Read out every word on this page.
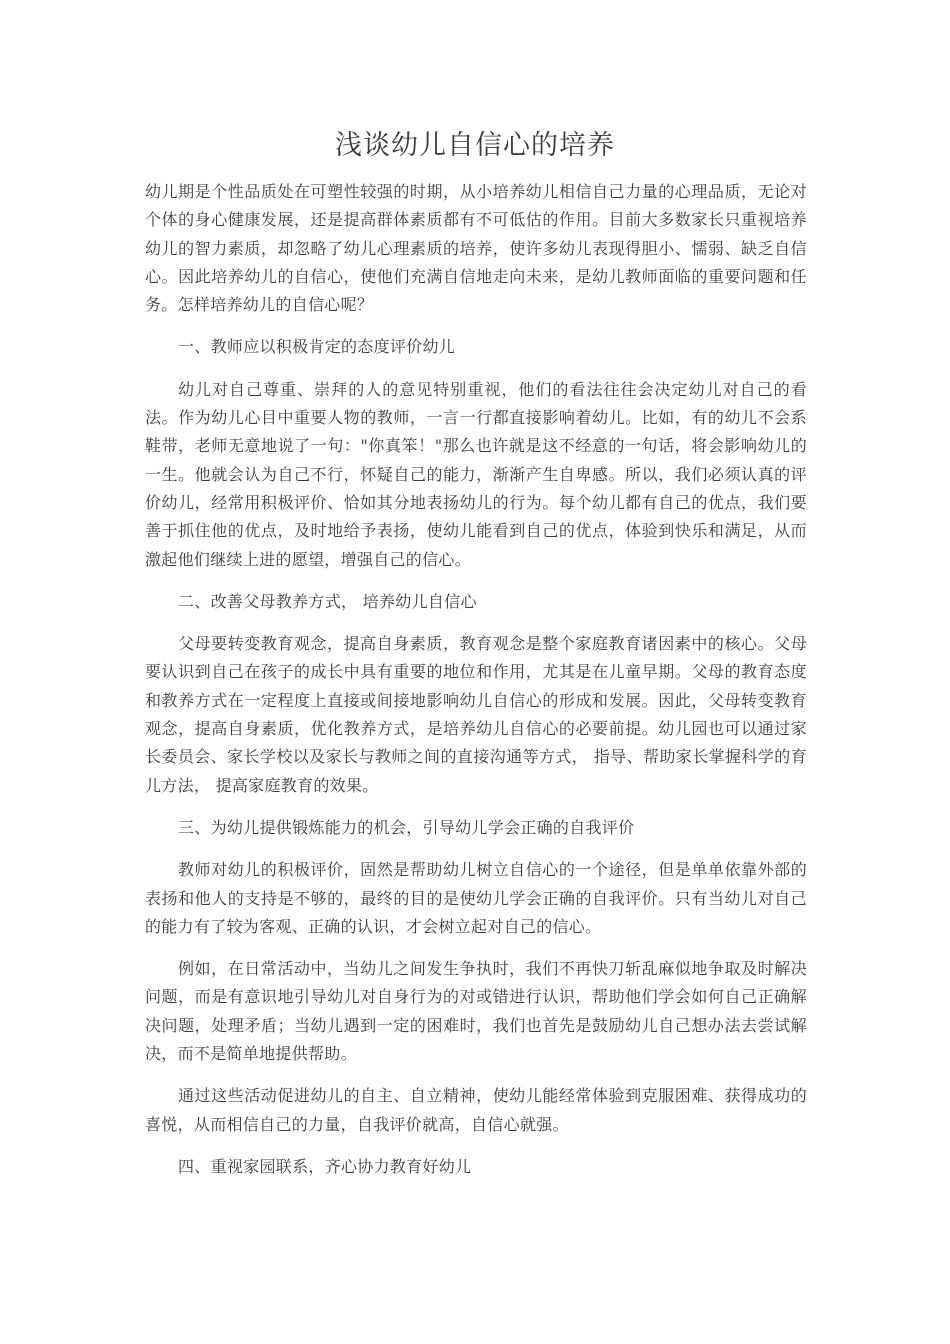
浅谈幼儿自信心的培养

幼儿期是个性品质处在可塑性较强的时期，从小培养幼儿相信自己力量的心理品质，无论对个体的身心健康发展，还是提高群体素质都有不可低估的作用。目前大多数家长只重视培养幼儿的智力素质，却忽略了幼儿心理素质的培养，使许多幼儿表现得胆小、懦弱、缺乏自信心。因此培养幼儿的自信心，使他们充满自信地走向未来，是幼儿教师面临的重要问题和任务。怎样培养幼儿的自信心呢？

一、教师应以积极肯定的态度评价幼儿

幼儿对自己尊重、崇拜的人的意见特别重视，他们的看法往往会决定幼儿对自己的看法。作为幼儿心目中重要人物的教师，一言一行都直接影响着幼儿。比如，有的幼儿不会系鞋带，老师无意地说了一句："你真笨！"那么也许就是这不经意的一句话，将会影响幼儿的一生。他就会认为自己不行，怀疑自己的能力，渐渐产生自卑感。所以，我们必须认真的评价幼儿，经常用积极评价、恰如其分地表扬幼儿的行为。每个幼儿都有自己的优点，我们要善于抓住他的优点，及时地给予表扬，使幼儿能看到自己的优点，体验到快乐和满足，从而激起他们继续上进的愿望，增强自己的信心。

二、改善父母教养方式， 培养幼儿自信心

父母要转变教育观念，提高自身素质，教育观念是整个家庭教育诸因素中的核心。父母要认识到自己在孩子的成长中具有重要的地位和作用，尤其是在儿童早期。父母的教育态度和教养方式在一定程度上直接或间接地影响幼儿自信心的形成和发展。因此，父母转变教育观念，提高自身素质，优化教养方式，是培养幼儿自信心的必要前提。幼儿园也可以通过家长委员会、家长学校以及家长与教师之间的直接沟通等方式， 指导、帮助家长掌握科学的育儿方法， 提高家庭教育的效果。

三、为幼儿提供锻炼能力的机会，引导幼儿学会正确的自我评价

教师对幼儿的积极评价，固然是帮助幼儿树立自信心的一个途径，但是单单依靠外部的表扬和他人的支持是不够的，最终的目的是使幼儿学会正确的自我评价。只有当幼儿对自己的能力有了较为客观、正确的认识，才会树立起对自己的信心。

例如，在日常活动中，当幼儿之间发生争执时，我们不再快刀斩乱麻似地争取及时解决问题，而是有意识地引导幼儿对自身行为的对或错进行认识，帮助他们学会如何自己正确解决问题，处理矛盾；当幼儿遇到一定的困难时，我们也首先是鼓励幼儿自己想办法去尝试解决，而不是简单地提供帮助。

通过这些活动促进幼儿的自主、自立精神，使幼儿能经常体验到克服困难、获得成功的喜悦，从而相信自己的力量，自我评价就高，自信心就强。

四、重视家园联系，齐心协力教育好幼儿
